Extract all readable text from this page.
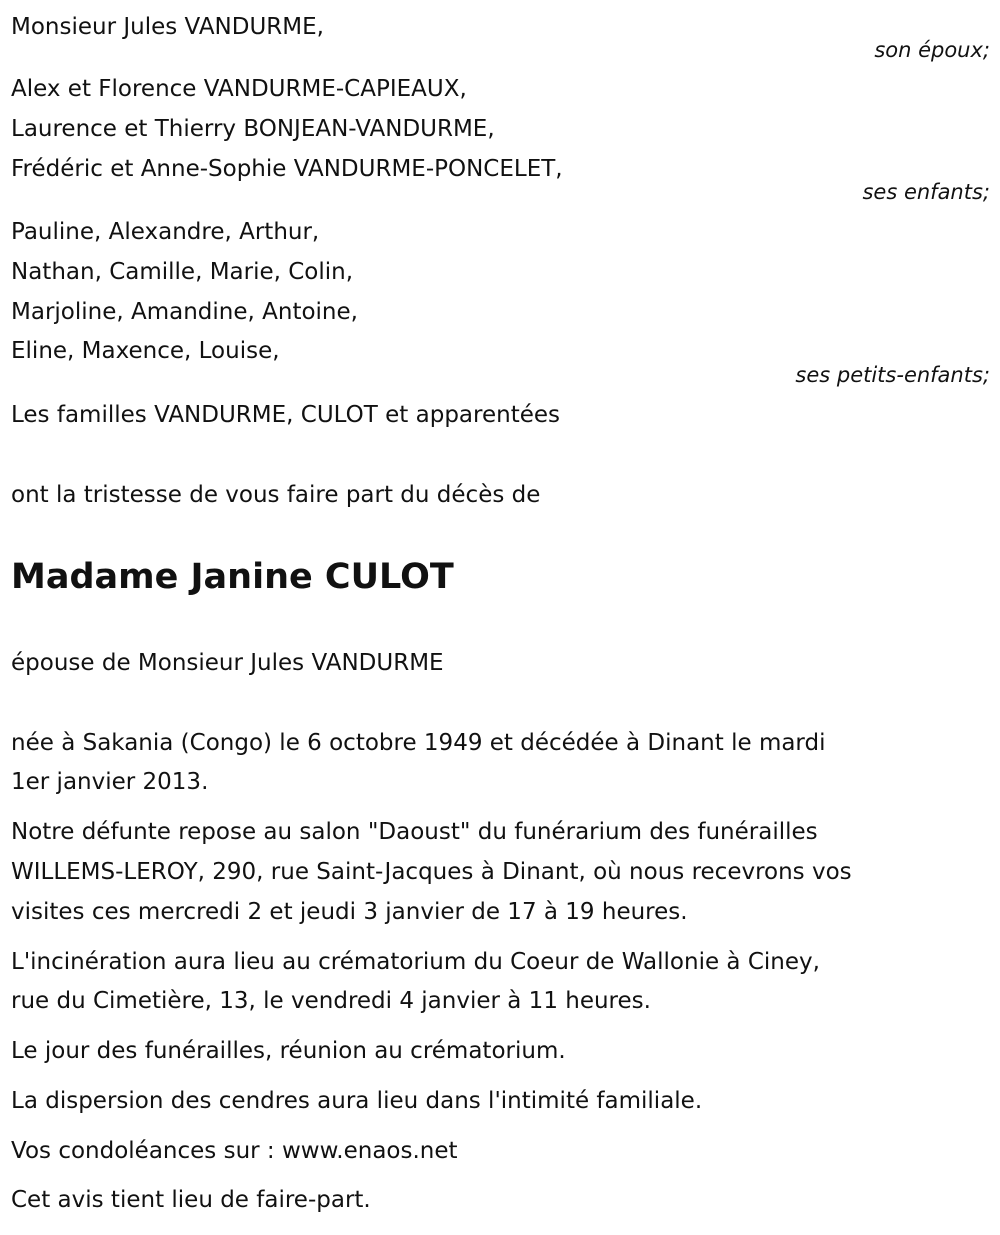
Monsieur Jules VANDURME,
son époux;
Alex et Florence VANDURME-CAPIEAUX,
Laurence et Thierry BONJEAN-VANDURME,
Frédéric et Anne-Sophie VANDURME-PONCELET,
ses enfants;
Pauline, Alexandre, Arthur,
Nathan, Camille, Marie, Colin,
Marjoline, Amandine, Antoine,
Eline, Maxence, Louise,
ses petits-enfants;
Les familles VANDURME, CULOT et apparentées
ont la tristesse de vous faire part du décès de
Madame Janine CULOT
épouse de Monsieur Jules VANDURME
née à Sakania (Congo) le 6 octobre 1949 et décédée à Dinant le mardi
1er janvier 2013.
Notre défunte repose au salon "Daoust" du funérarium des funérailles
WILLEMS-LEROY, 290, rue Saint-Jacques à Dinant, où nous recevrons vos
visites ces mercredi 2 et jeudi 3 janvier de 17 à 19 heures.
L'incinération aura lieu au crématorium du Coeur de Wallonie à Ciney,
rue du Cimetière, 13, le vendredi 4 janvier à 11 heures.
Le jour des funérailles, réunion au crématorium.
La dispersion des cendres aura lieu dans l'intimité familiale.
Vos condoléances sur : www.enaos.net
Cet avis tient lieu de faire-part.
